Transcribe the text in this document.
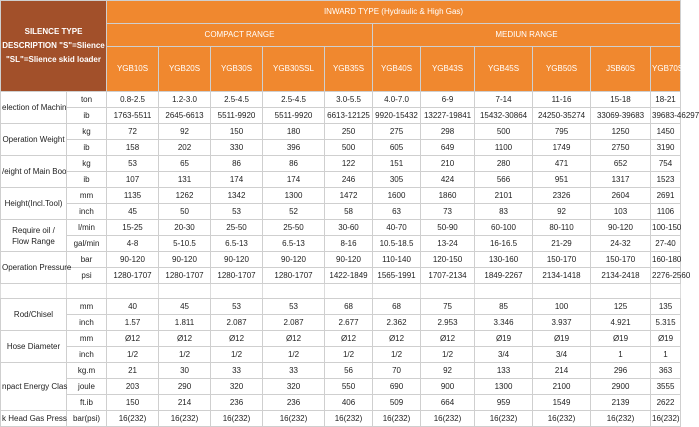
SILENCE TYPE
DESCRIPTION "S"=Slience
"SL"=Slience skid loader		INWARD TYPE (Hydraulic & High Gas)										
		COMPACT RANGE					MEDIUN RANGE					
		YGB10S	YGB20S	YGB30S	YGB30SSL	YGB35S	YGB40S	YGB43S	YGB45S	YGB50S	JSB60S	YGB70S
election of Machin	ton	0.8-2.5	1.2-3.0	2.5-4.5	2.5-4.5	3.0-5.5	4.0-7.0	6-9	7-14	11-16	15-18	18-21
	ib	1763-5511	2645-6613	5511-9920	5511-9920	6613-12125	9920-15432	13227-19841	15432-30864	24250-35274	33069-39683	39683-46297
Operation Weight	kg	72	92	150	180	250	275	298	500	795	1250	1450
	ib	158	202	330	396	500	605	649	1100	1749	2750	3190
/eight of Main Boo	kg	53	65	86	86	122	151	210	280	471	652	754
	ib	107	131	174	174	246	305	424	566	951	1317	1523
Height(Incl.Tool)	mm	1135	1262	1342	1300	1472	1600	1860	2101	2326	2604	2691
	inch	45	50	53	52	58	63	73	83	92	103	1106

Require oil /
Flow Range	l/min	15-25	20-30	25-50	25-50	30-60	40-70	50-90	60-100	80-110	90-120	100-150
	gal/min	4-8	5-10.5	6.5-13	6.5-13	8-16	10.5-18.5	13-24	16-16.5	21-29	24-32	27-40
Operation Pressure	bar	90-120	90-120	90-120	90-120	90-120	110-140	120-150	130-160	150-170	150-170	160-180
	psi	1280-1707	1280-1707	1280-1707	1280-1707	1422-1849	1565-1991	1707-2134	1849-2267	2134-1418	2134-2418	2276-2560

Rod/Chisel	mm	40	45	53	53	68	68	75	85	100	125	135
	inch	1.57	1.811	2.087	2.087	2.677	2.362	2.953	3.346	3.937	4.921	5.315
Hose Diameter	mm	Ø12	Ø12	Ø12	Ø12	Ø12	Ø12	Ø12	Ø19	Ø19	Ø19	Ø19
	inch	1/2	1/2	1/2	1/2	1/2	1/2	1/2	3/4	3/4	1	1
npact Energy Clas	kg.m	21	30	33	33	56	70	92	133	214	296	363
	joule	203	290	320	320	550	690	900	1300	2100	2900	3555
	ft.ib	150	214	236	236	406	509	664	959	1549	2139	2622
k Head Gas Press	bar(psi)	16(232)	16(232)	16(232)	16(232)	16(232)	16(232)	16(232)	16(232)	16(232)	16(232)	16(232)
